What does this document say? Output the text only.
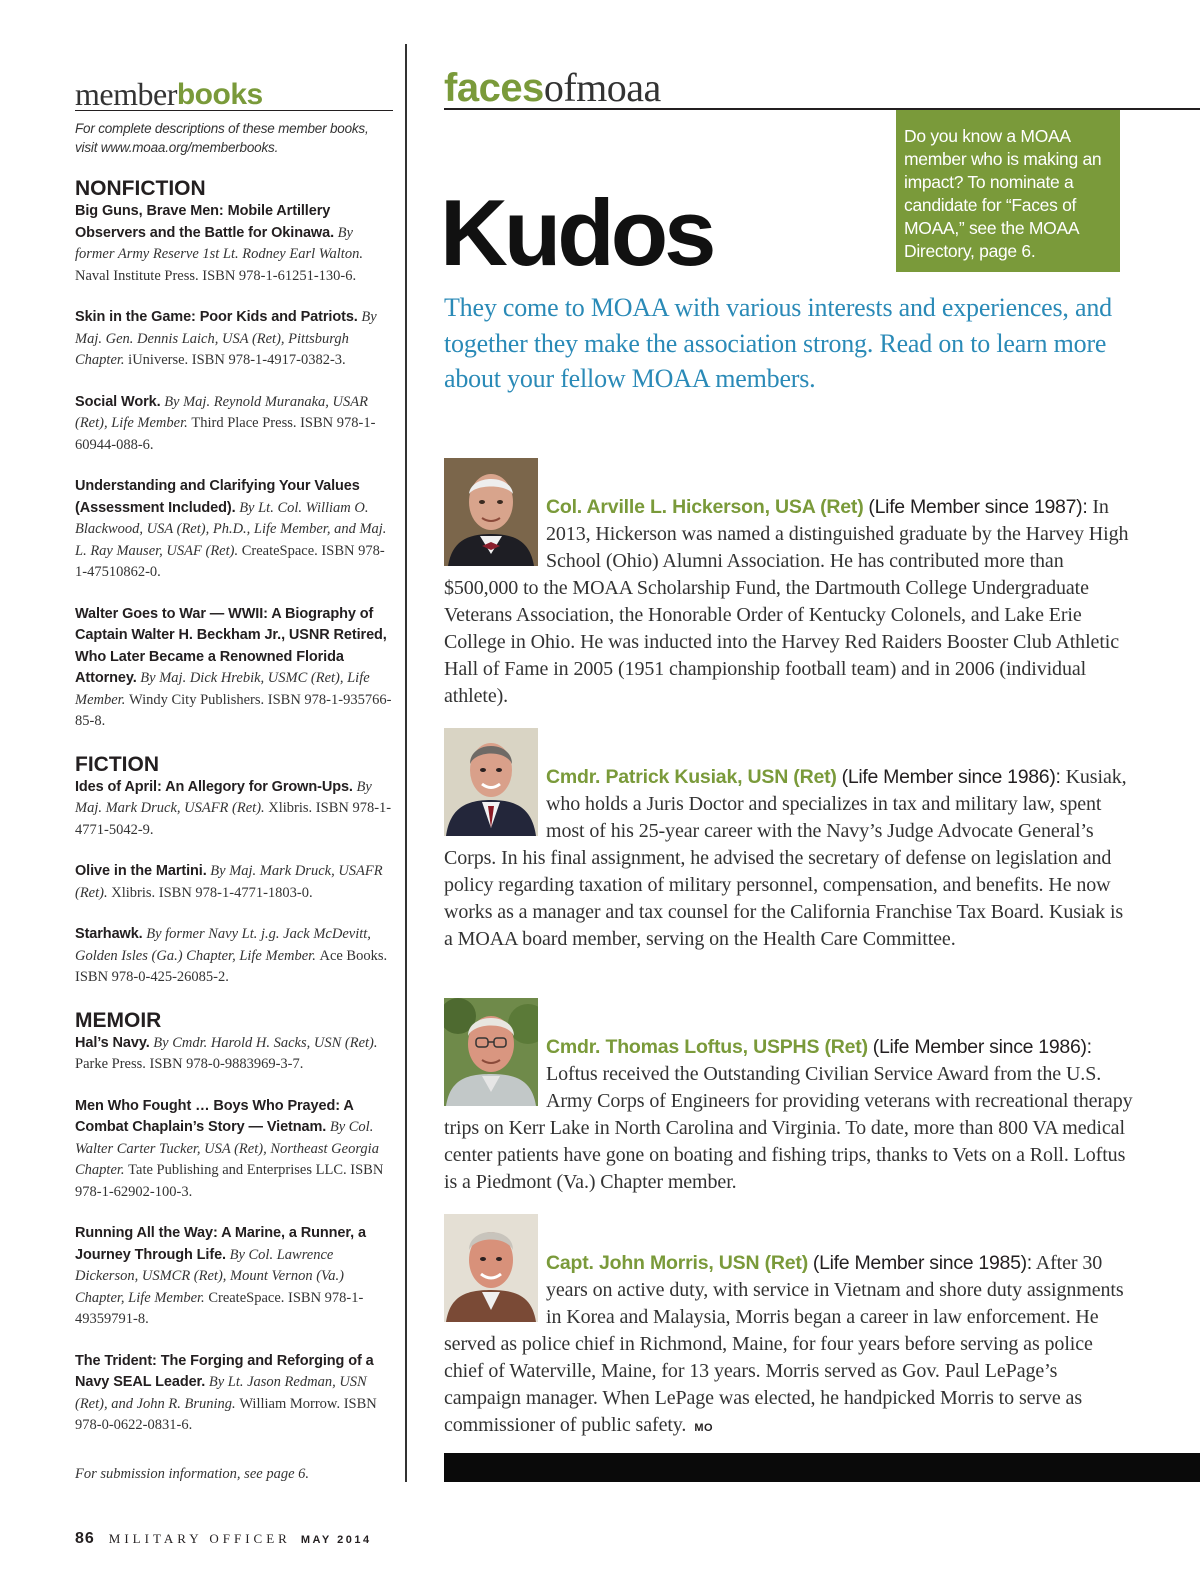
member books
For complete descriptions of these member books, visit www.moaa.org/memberbooks.
NONFICTION
Big Guns, Brave Men: Mobile Artillery Observers and the Battle for Okinawa. By former Army Reserve 1st Lt. Rodney Earl Walton. Naval Institute Press. ISBN 978-1-61251-130-6.
Skin in the Game: Poor Kids and Patriots. By Maj. Gen. Dennis Laich, USA (Ret), Pittsburgh Chapter. iUniverse. ISBN 978-1-4917-0382-3.
Social Work. By Maj. Reynold Muranaka, USAR (Ret), Life Member. Third Place Press. ISBN 978-1-60944-088-6.
Understanding and Clarifying Your Values (Assessment Included). By Lt. Col. William O. Blackwood, USA (Ret), Ph.D., Life Member, and Maj. L. Ray Mauser, USAF (Ret). CreateSpace. ISBN 978-1-47510862-0.
Walter Goes to War — WWII: A Biography of Captain Walter H. Beckham Jr., USNR Retired, Who Later Became a Renowned Florida Attorney. By Maj. Dick Hrebik, USMC (Ret), Life Member. Windy City Publishers. ISBN 978-1-935766-85-8.
FICTION
Ides of April: An Allegory for Grown-Ups. By Maj. Mark Druck, USAFR (Ret). Xlibris. ISBN 978-1-4771-5042-9.
Olive in the Martini. By Maj. Mark Druck, USAFR (Ret). Xlibris. ISBN 978-1-4771-1803-0.
Starhawk. By former Navy Lt. j.g. Jack McDevitt, Golden Isles (Ga.) Chapter, Life Member. Ace Books. ISBN 978-0-425-26085-2.
MEMOIR
Hal’s Navy. By Cmdr. Harold H. Sacks, USN (Ret). Parke Press. ISBN 978-0-9883969-3-7.
Men Who Fought … Boys Who Prayed: A Combat Chaplain’s Story — Vietnam. By Col. Walter Carter Tucker, USA (Ret), Northeast Georgia Chapter. Tate Publishing and Enterprises LLC. ISBN 978-1-62902-100-3.
Running All the Way: A Marine, a Runner, a Journey Through Life. By Col. Lawrence Dickerson, USMCR (Ret), Mount Vernon (Va.) Chapter, Life Member. CreateSpace. ISBN 978-1-49359791-8.
The Trident: The Forging and Reforging of a Navy SEAL Leader. By Lt. Jason Redman, USN (Ret), and John R. Bruning. William Morrow. ISBN 978-0-0622-0831-6.
For submission information, see page 6.
86 MILITARY OFFICER MAY 2014
faces ofmoaa
Do you know a MOAA member who is making an impact? To nominate a candidate for “Faces of MOAA,” see the MOAA Directory, page 6.
Kudos
They come to MOAA with various interests and experiences, and together they make the association strong. Read on to learn more about your fellow MOAA members.
Col. Arville L. Hickerson, USA (Ret) (Life Member since 1987): In 2013, Hickerson was named a distinguished graduate by the Harvey High School (Ohio) Alumni Association. He has contributed more than $500,000 to the MOAA Scholarship Fund, the Dartmouth College Undergraduate Veterans Association, the Honorable Order of Kentucky Colonels, and Lake Erie College in Ohio. He was inducted into the Harvey Red Raiders Booster Club Athletic Hall of Fame in 2005 (1951 championship football team) and in 2006 (individual athlete).
Cmdr. Patrick Kusiak, USN (Ret) (Life Member since 1986): Kusiak, who holds a Juris Doctor and specializes in tax and military law, spent most of his 25-year career with the Navy’s Judge Advocate General’s Corps. In his final assignment, he advised the secretary of defense on legislation and policy regarding taxation of military personnel, compensation, and benefits. He now works as a manager and tax counsel for the California Franchise Tax Board. Kusiak is a MOAA board member, serving on the Health Care Committee.
Cmdr. Thomas Loftus, USPHS (Ret) (Life Member since 1986): Loftus received the Outstanding Civilian Service Award from the U.S. Army Corps of Engineers for providing veterans with recreational therapy trips on Kerr Lake in North Carolina and Virginia. To date, more than 800 VA medical center patients have gone on boating and fishing trips, thanks to Vets on a Roll. Loftus is a Piedmont (Va.) Chapter member.
Capt. John Morris, USN (Ret) (Life Member since 1985): After 30 years on active duty, with service in Vietnam and shore duty assignments in Korea and Malaysia, Morris began a career in law enforcement. He served as police chief in Richmond, Maine, for four years before serving as police chief of Waterville, Maine, for 13 years. Morris served as Gov. Paul LePage’s campaign manager. When LePage was elected, he handpicked Morris to serve as commissioner of public safety. MO
